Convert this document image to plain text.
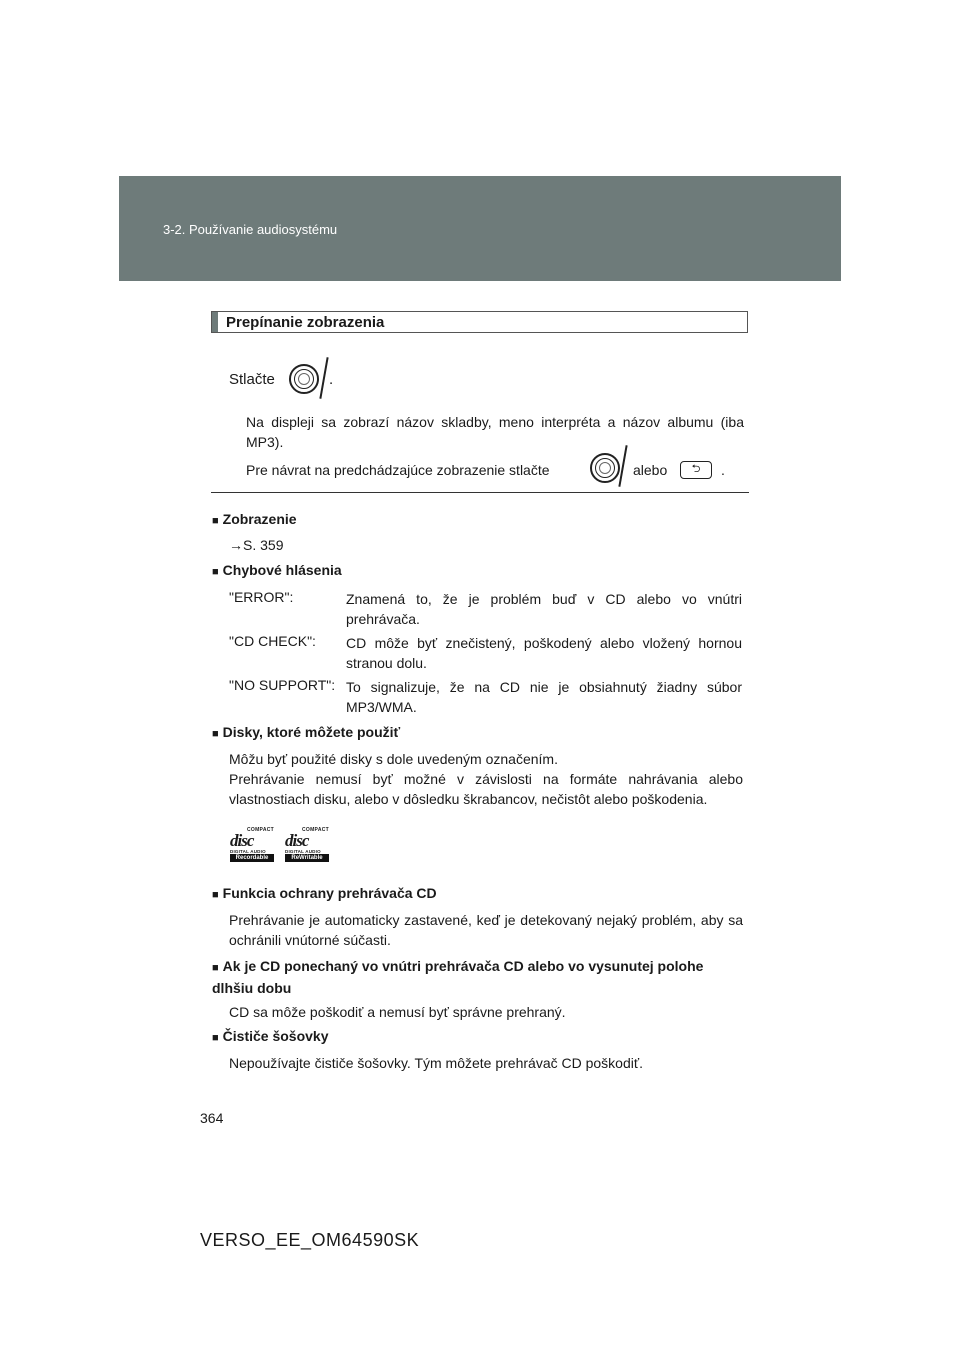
3-2. Používanie audiosystému
Prepínanie zobrazenia
Stlačte	.
Na displeji sa zobrazí názov skladby, meno interpréta a názov albumu (iba MP3).
Pre návrat na predchádzajúce zobrazenie stlačte	alebo	⮌	.
■ Zobrazenie
→S. 359
■ Chybové hlásenia
"ERROR":	Znamená to, že je problém buď v CD alebo vo vnútri prehrávača.
"CD CHECK": CD môže byť znečistený, poškodený alebo vložený hornou stranou dolu.
"NO SUPPORT": To signalizuje, že na CD nie je obsiahnutý žiadny súbor MP3/WMA.
■ Disky, ktoré môžete použiť
Môžu byť použité disky s dole uvedeným označením.
Prehrávanie nemusí byť možné v závislosti na formáte nahrávania alebo vlastnostiach disku, alebo v dôsledku škrabancov, nečistôt alebo poškodenia.
COMPACT
disc
DIGITAL AUDIO
Recordable
COMPACT
disc
DIGITAL AUDIO
ReWritable
■ Funkcia ochrany prehrávača CD
Prehrávanie je automaticky zastavené, keď je detekovaný nejaký problém, aby sa ochránili vnútorné súčasti.
■ Ak je CD ponechaný vo vnútri prehrávača CD alebo vo vysunutej polohe dlhšiu dobu
CD sa môže poškodiť a nemusí byť správne prehraný.
■ Čističe šošovky
Nepoužívajte čističe šošovky. Tým môžete prehrávač CD poškodiť.
364
VERSO_EE_OM64590SK
